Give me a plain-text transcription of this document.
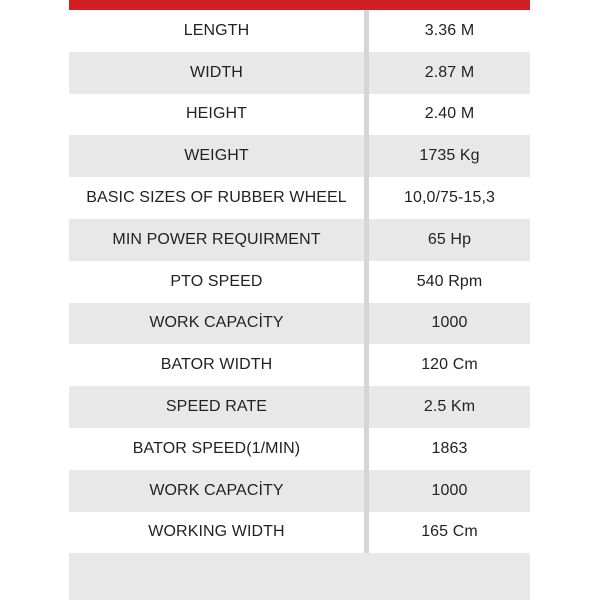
LENGTH	3.36 M
WIDTH	2.87 M
HEIGHT	2.40 M
WEIGHT	1735 Kg
BASIC SIZES OF RUBBER WHEEL	10,0/75-15,3
MIN POWER REQUIRMENT	65 Hp
PTO SPEED	540 Rpm
WORK CAPACİTY	1000
BATOR WIDTH	120 Cm
SPEED RATE	2.5 Km
BATOR SPEED(1/MIN)	1863
WORK CAPACİTY	1000
WORKING WIDTH	165 Cm
